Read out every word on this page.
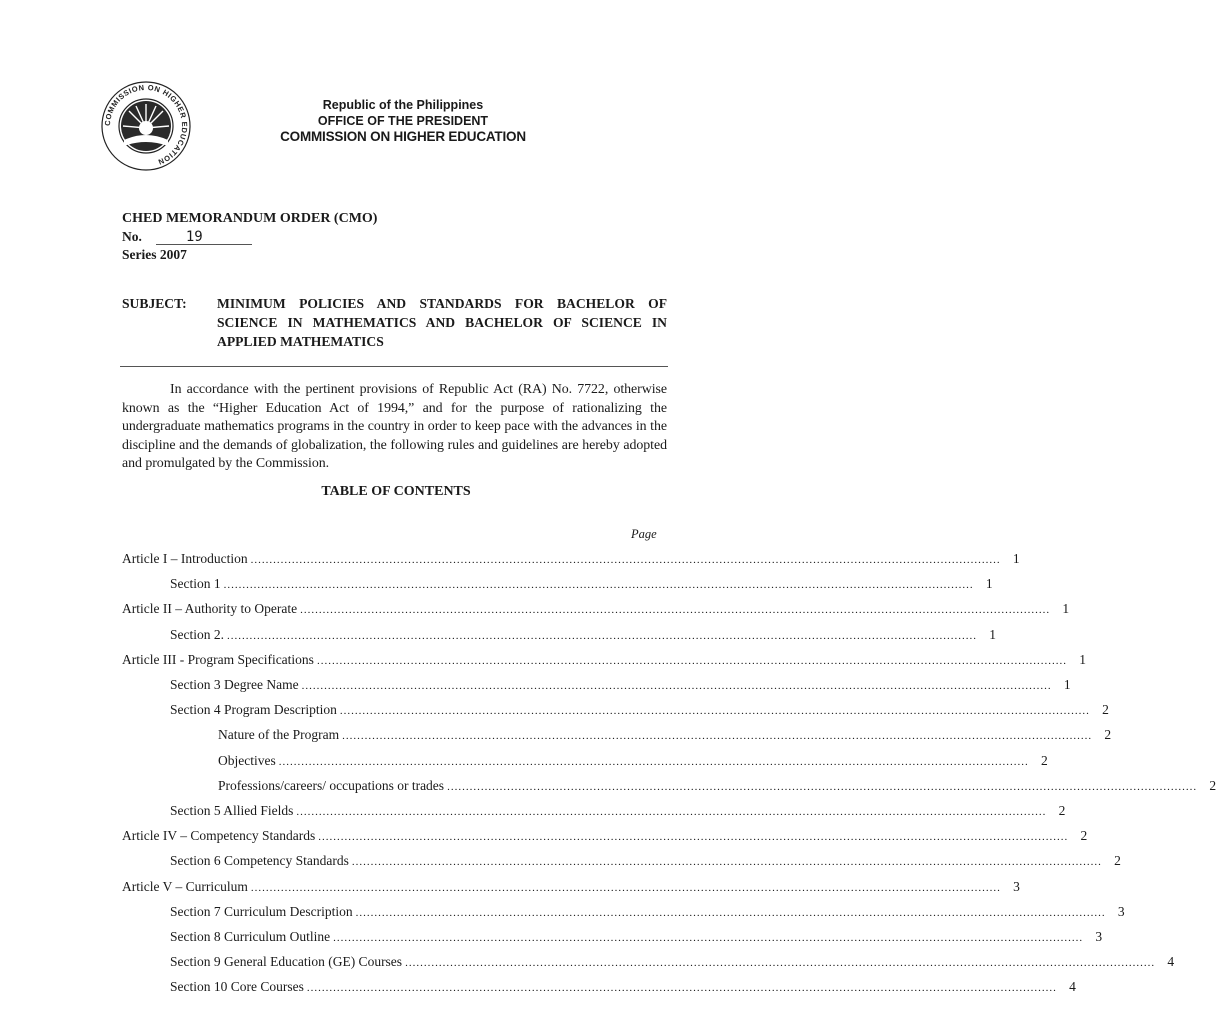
COMMISSION ON HIGHER EDUCATION
Republic of the Philippines
OFFICE OF THE PRESIDENT
COMMISSION ON HIGHER EDUCATION
CHED MEMORANDUM ORDER (CMO)
No.	19
Series 2007
SUBJECT: MINIMUM POLICIES AND STANDARDS FOR BACHELOR OF SCIENCE IN MATHEMATICS AND BACHELOR OF SCIENCE IN APPLIED MATHEMATICS
In accordance with the pertinent provisions of Republic Act (RA) No. 7722, otherwise known as the “Higher Education Act of 1994,” and for the purpose of rationalizing the undergraduate mathematics programs in the country in order to keep pace with the advances in the discipline and the demands of globalization, the following rules and guidelines are hereby adopted and promulgated by the Commission.
TABLE OF CONTENTS
Page
Article I – Introduction ........................................................................................................................................................................................................ 1
Section 1 ........................................................................................................................................................................................................ 1
Article II – Authority to Operate ........................................................................................................................................................................................................ 1
Section 2. ........................................................................................................................................................................................................ 1
Article III - Program Specifications ........................................................................................................................................................................................................ 1
Section 3 Degree Name ........................................................................................................................................................................................................ 1
Section 4 Program Description ........................................................................................................................................................................................................ 2
Nature of the Program ........................................................................................................................................................................................................ 2
Objectives ........................................................................................................................................................................................................ 2
Professions/careers/ occupations or trades ........................................................................................................................................................................................................ 2
Section 5 Allied Fields ........................................................................................................................................................................................................ 2
Article IV – Competency Standards ........................................................................................................................................................................................................ 2
Section 6 Competency Standards ........................................................................................................................................................................................................ 2
Article V – Curriculum ........................................................................................................................................................................................................ 3
Section 7 Curriculum Description ........................................................................................................................................................................................................ 3
Section 8 Curriculum Outline ........................................................................................................................................................................................................ 3
Section 9 General Education (GE) Courses ........................................................................................................................................................................................................ 4
Section 10 Core Courses ........................................................................................................................................................................................................ 4
